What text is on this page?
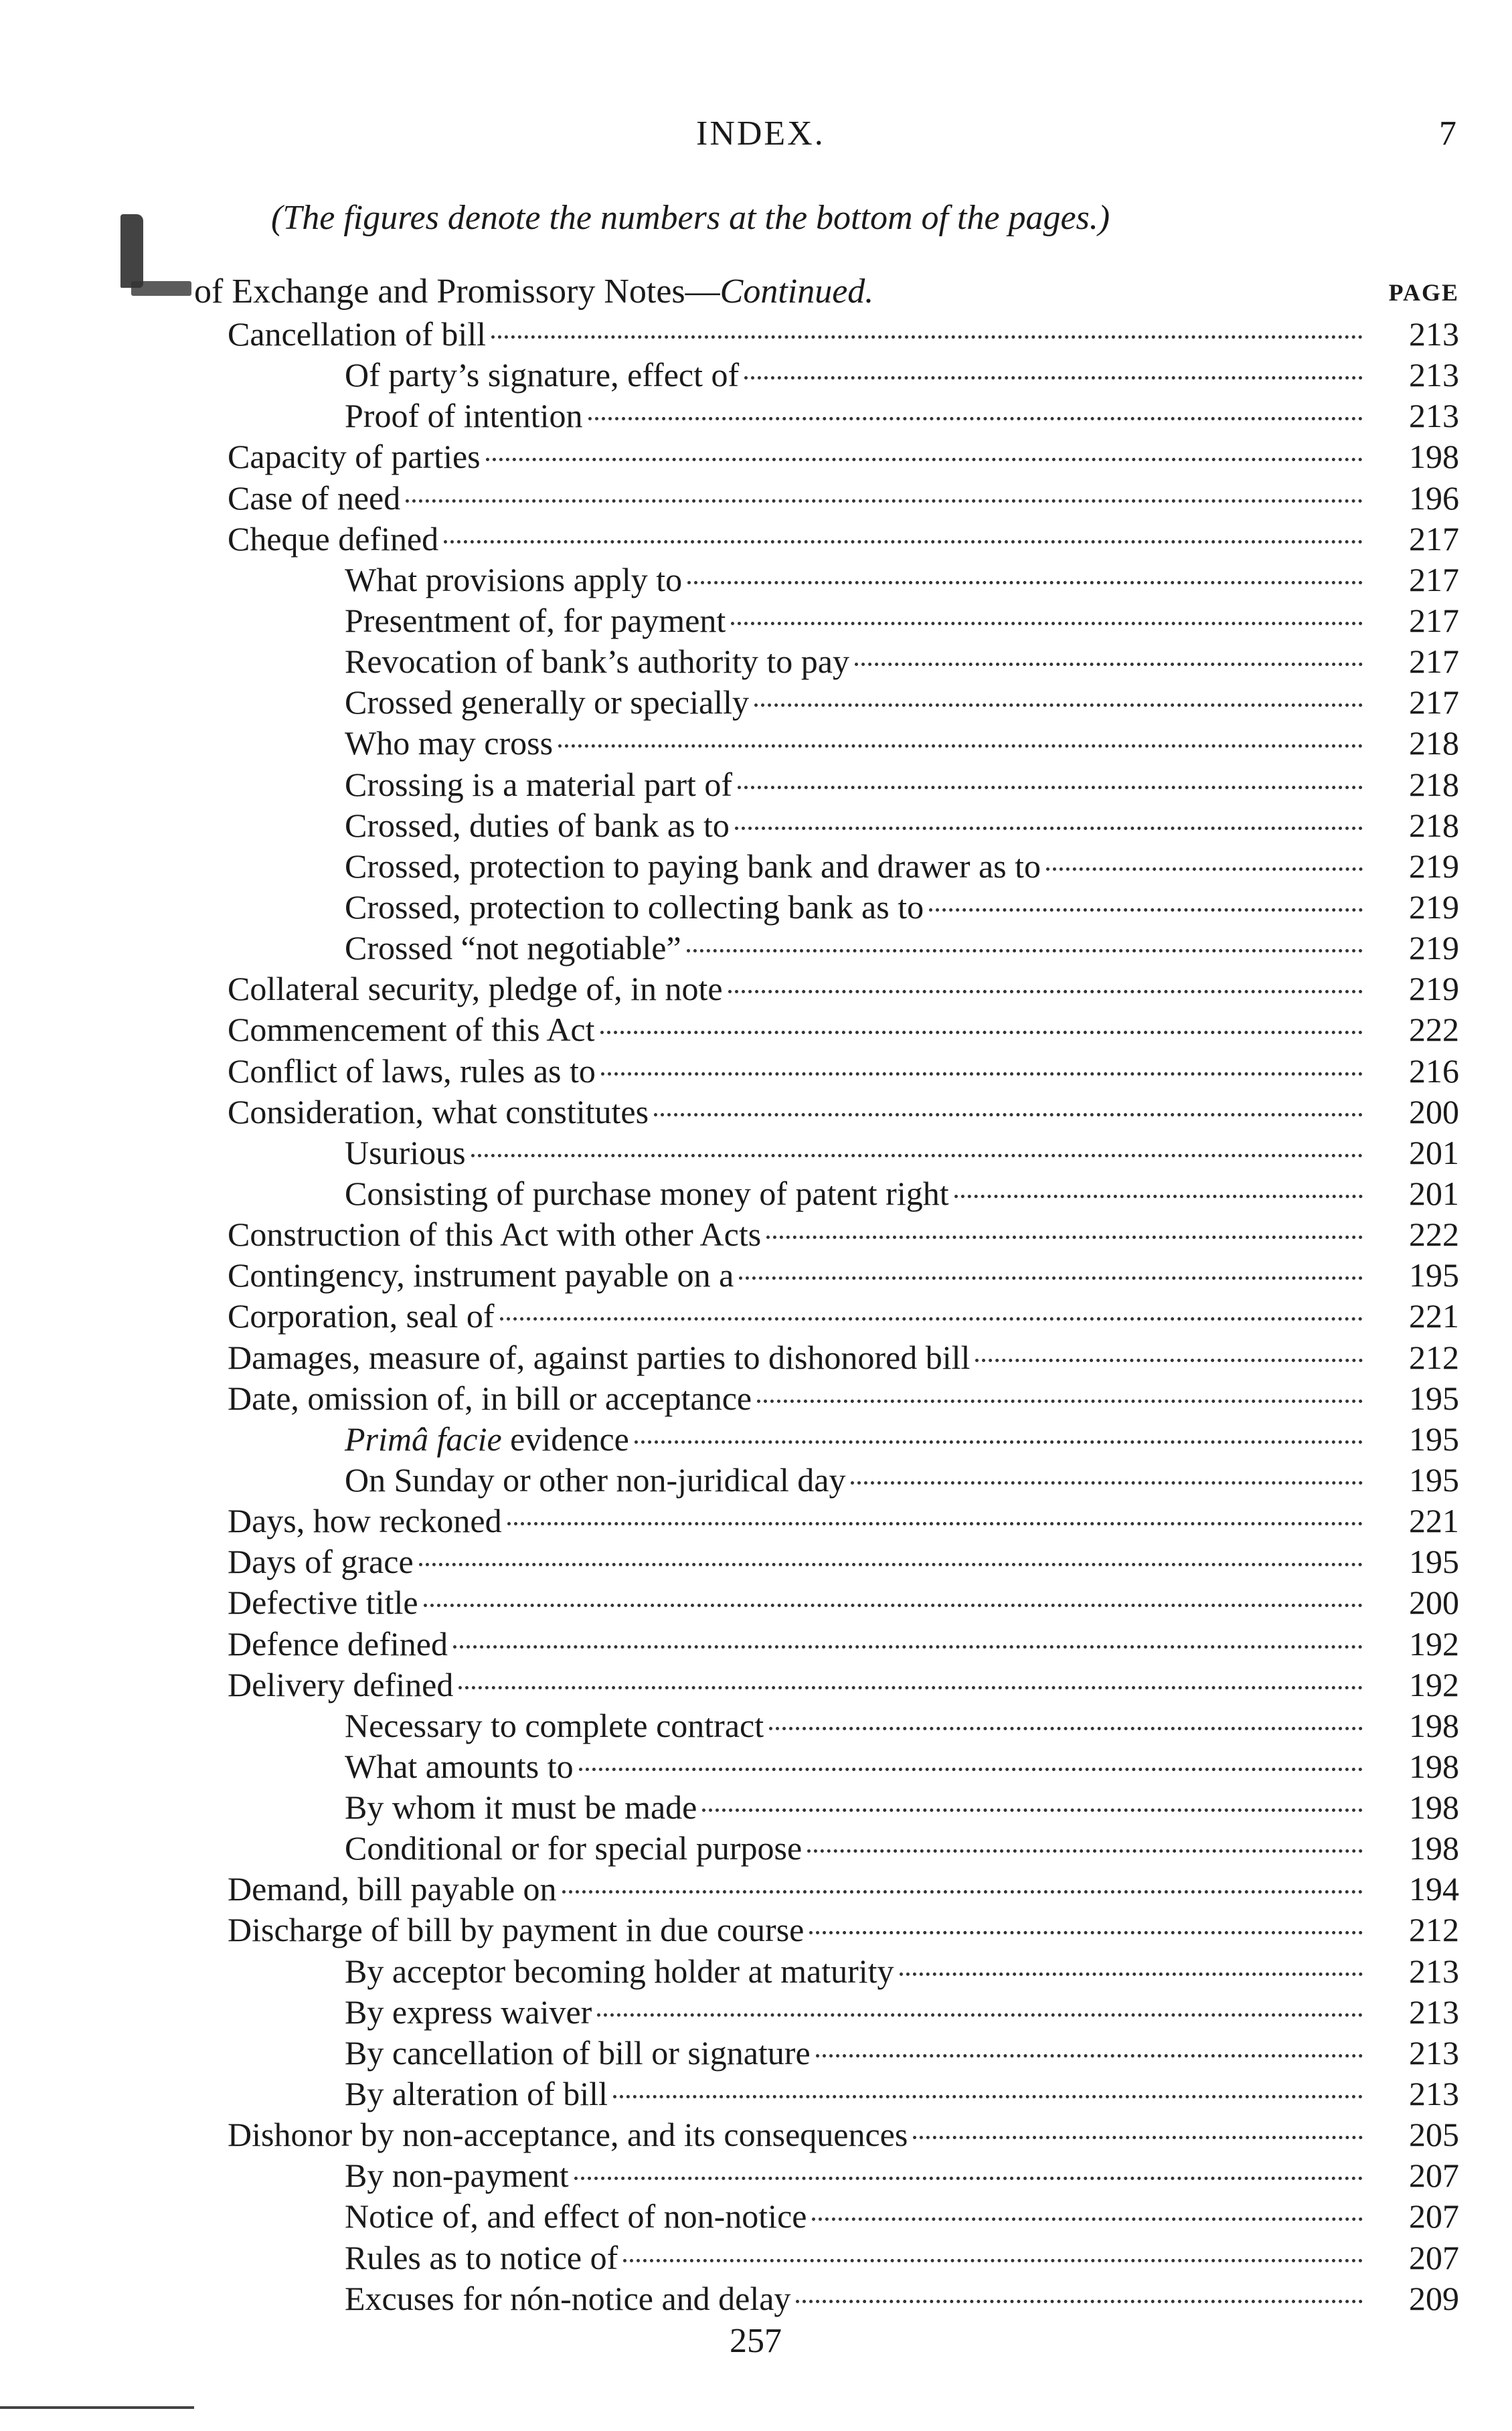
INDEX.	7
(The figures denote the numbers at the bottom of the pages.)
of Exchange and Promissory Notes—Continued.	PAGE
Cancellation of bill	213
Of party’s signature, effect of	213
Proof of intention	213
Capacity of parties	198
Case of need	196
Cheque defined	217
What provisions apply to	217
Presentment of, for payment	217
Revocation of bank’s authority to pay	217
Crossed generally or specially	217
Who may cross	218
Crossing is a material part of	218
Crossed, duties of bank as to	218
Crossed, protection to paying bank and drawer as to	219
Crossed, protection to collecting bank as to	219
Crossed “not negotiable”	219
Collateral security, pledge of, in note	219
Commencement of this Act	222
Conflict of laws, rules as to	216
Consideration, what constitutes	200
Usurious	201
Consisting of purchase money of patent right	201
Construction of this Act with other Acts	222
Contingency, instrument payable on a	195
Corporation, seal of	221
Damages, measure of, against parties to dishonored bill	212
Date, omission of, in bill or acceptance	195
Primâ facie evidence	195
On Sunday or other non-juridical day	195
Days, how reckoned	221
Days of grace	195
Defective title	200
Defence defined	192
Delivery defined	192
Necessary to complete contract	198
What amounts to	198
By whom it must be made	198
Conditional or for special purpose	198
Demand, bill payable on	194
Discharge of bill by payment in due course	212
By acceptor becoming holder at maturity	213
By express waiver	213
By cancellation of bill or signature	213
By alteration of bill	213
Dishonor by non-acceptance, and its consequences	205
By non-payment	207
Notice of, and effect of non-notice	207
Rules as to notice of	207
Excuses for nón-notice and delay	209
257
